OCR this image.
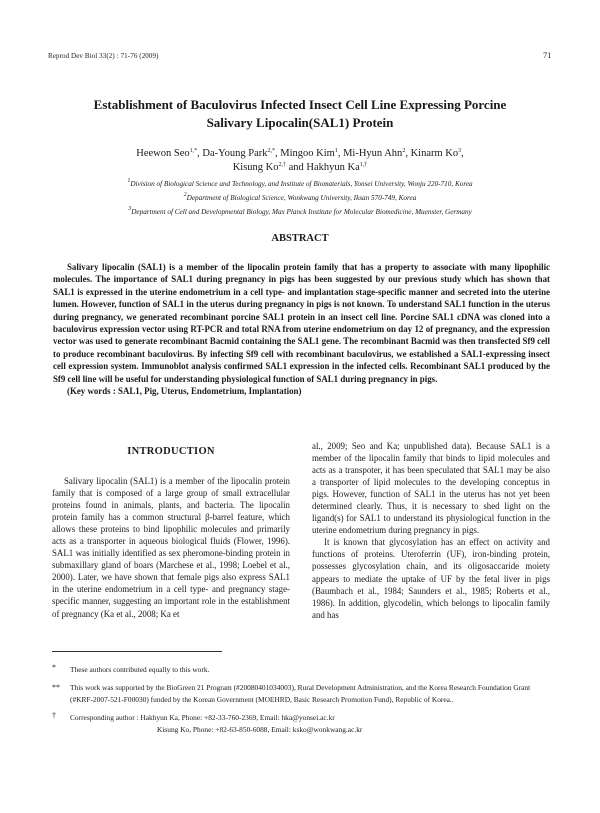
Reprod Dev Biol 33(2) : 71-76 (2009)	71
Establishment of Baculovirus Infected Insect Cell Line Expressing Porcine
Salivary Lipocalin(SAL1) Protein
Heewon Seo$^{1,*}$, Da-Young Park$^{2,*}$, Mingoo Kim$^1$, Mi-Hyun Ahn$^2$, Kinarm Ko$^3$,
Kisung $Ko^{2,\dagger}$ and Hakhyun $Ka^{1,\dagger}$
$^1$Division of Biological Science and Technology, and Institute of Biomaterials, Yonsei University, Wonju 220-710, Korea
$^2$Department of Biological Science, Wonkwang University, Iksan 570-749, Korea
$^3$Department of Cell and Developmental Biology, Max Planck Institute for Molecular Biomedicine, Muenster, Germany
ABSTRACT

Salivary lipocalin (SAL1) is a member of the lipocalin protein family that has a property to associate with many lipophilic molecules. The importance of SAL1 during pregnancy in pigs has been suggested by our previous study which has shown that SAL1 is expressed in the uterine endometrium in a cell type- and implantation stage-specific manner and secreted into the uterine lumen. However, function of SAL1 in the uterus during pregnancy in pigs is not known. To understand SAL1 function in the uterus during pregnancy, we generated recombinant porcine SAL1 protein in an insect cell line. Porcine SAL1 cDNA was cloned into a baculovirus expression vector using RT-PCR and total RNA from uterine endometrium on day 12 of pregnancy, and the expression vector was used to generate recombinant Bacmid containing the SAL1 gene. The recombinant Bacmid was then transfected Sf9 cell to produce recombinant baculovirus. By infecting Sf9 cell with recombinant baculovirus, we established a SAL1-expressing insect cell expression system. Immunoblot analysis confirmed SAL1 expression in the infected cells. Recombinant SAL1 produced by the Sf9 cell line will be useful for understanding physiological function of SAL1 during pregnancy in pigs.

(Key words : SAL1, Pig, Uterus, Endometrium, Implantation)

INTRODUCTION

Salivary lipocalin (SAL1) is a member of the lipocalin protein family that is composed of a large group of small extracellular proteins found in animals, plants, and bacteria. The lipocalin protein family has a common structural β-barrel feature, which allows these proteins to bind lipophilic molecules and primarily acts as a transporter in aqueous biological fluids (Flower, 1996). SAL1 was initially identified as sex pheromone-binding protein in submaxillary gland of boars (Marchese et al., 1998; Loebel et al., 2000). Later, we have shown that female pigs also express SAL1 in the uterine endometrium in a cell type- and pregnancy stage-specific manner, suggesting an important role in the establishment of pregnancy (Ka et al., 2008; Ka et

al., 2009; Seo and Ka; unpublished data). Because SAL1 is a member of the lipocalin family that binds to lipid molecules and acts as a transpoter, it has been speculated that SAL1 may be also a transporter of lipid molecules to the developing conceptus in pigs. However, function of SAL1 in the uterus has not yet been determined clearly. Thus, it is necessary to shed light on the ligand(s) for SAL1 to understand its physiological function in the uterine endometrium during pregnancy in pigs.

It is known that glycosylation has an effect on activity and functions of proteins. Uteroferrin (UF), iron-binding protein, possesses glycosylation chain, and its oligosaccaride moiety appears to mediate the uptake of UF by the fetal liver in pigs (Baumbach et al., 1984; Saunders et al., 1985; Roberts et al., 1986). In addition, glycodelin, which belongs to lipocalin family and has

* These authors contributed equally to this work.
** This work was supported by the BioGreen 21 Program (#20080401034003), Rural Development Administration, and the Korea Research Foundation Grant (#KRF-2007-521-F00030) funded by the Korean Government (MOEHRD, Basic Research Promotion Fund), Republic of Korea..
† Corresponding author : Hakhyun Ka, Phone: +82-33-760-2369, Email: hka@yonsei.ac.kr
Kisung Ko, Phone: +82-63-850-6088, Email: ksko@wonkwang.ac.kr
